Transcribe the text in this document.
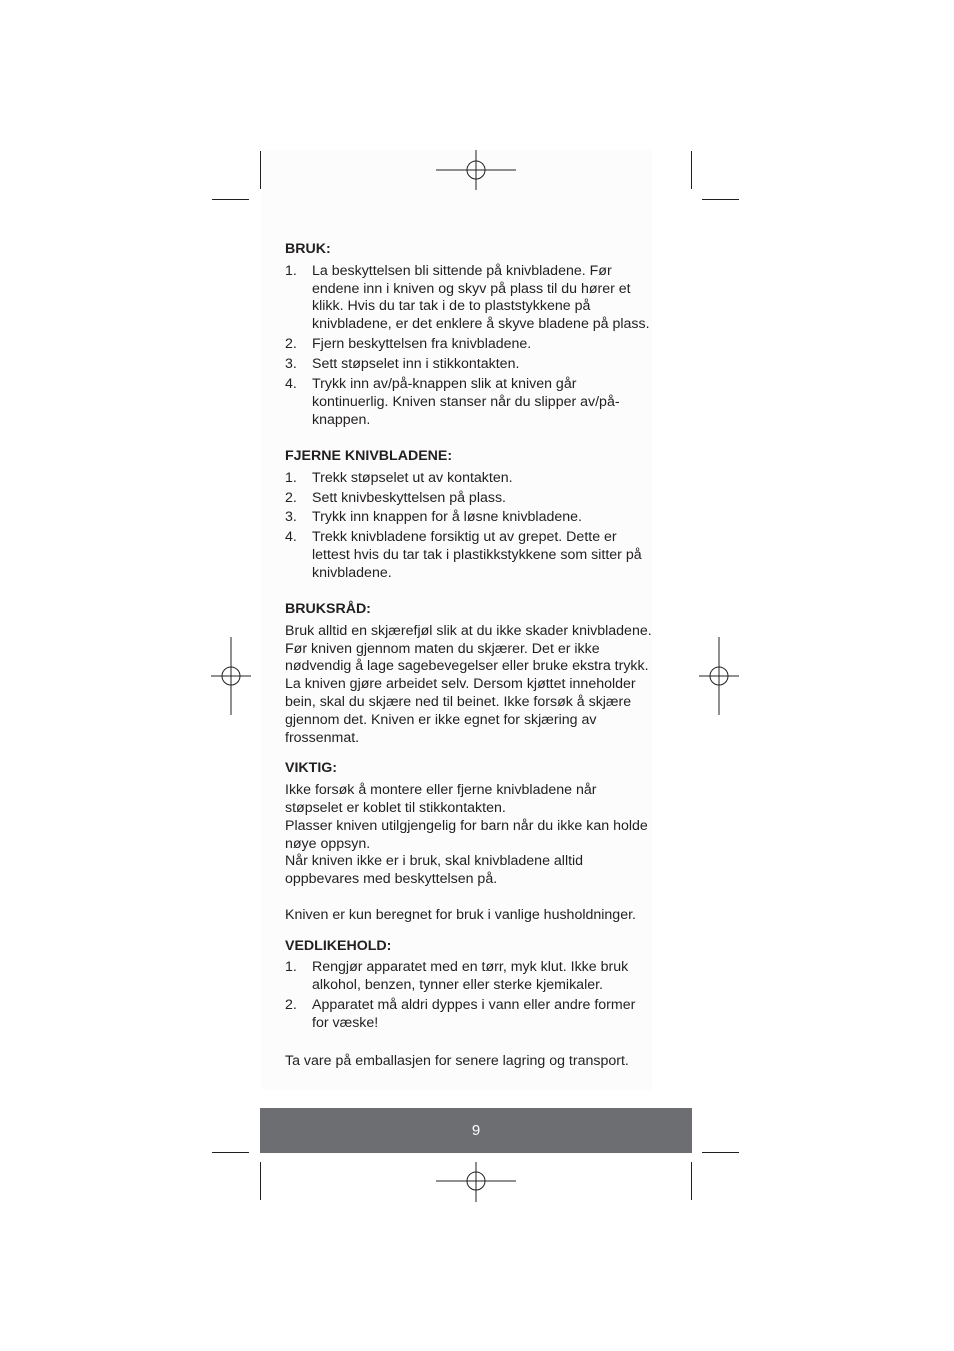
BRUK:
1. La beskyttelsen bli sittende på knivbladene. Før endene inn i kniven og skyv på plass til du hører et klikk. Hvis du tar tak i de to plaststykkene på knivbladene, er det enklere å skyve bladene på plass.
2. Fjern beskyttelsen fra knivbladene.
3. Sett støpselet inn i stikkontakten.
4. Trykk inn av/på-knappen slik at kniven går kontinuerlig. Kniven stanser når du slipper av/på-knappen.
FJERNE KNIVBLADENE:
1. Trekk støpselet ut av kontakten.
2. Sett knivbeskyttelsen på plass.
3. Trykk inn knappen for å løsne knivbladene.
4. Trekk knivbladene forsiktig ut av grepet. Dette er lettest hvis du tar tak i plastikkstykkene som sitter på knivbladene.
BRUKSRÅD:

Bruk alltid en skjærefjøl slik at du ikke skader knivbladene. Før kniven gjennom maten du skjærer. Det er ikke nødvendig å lage sagebevegelser eller bruke ekstra trykk. La kniven gjøre arbeidet selv. Dersom kjøttet inneholder bein, skal du skjære ned til beinet. Ikke forsøk å skjære gjennom det. Kniven er ikke egnet for skjæring av frossenmat.

VIKTIG:

Ikke forsøk å montere eller fjerne knivbladene når støpselet er koblet til stikkontakten.

Plasser kniven utilgjengelig for barn når du ikke kan holde nøye oppsyn.

Når kniven ikke er i bruk, skal knivbladene alltid oppbevares med beskyttelsen på.

Kniven er kun beregnet for bruk i vanlige husholdninger.

VEDLIKEHOLD:
1. Rengjør apparatet med en tørr, myk klut. Ikke bruk alkohol, benzen, tynner eller sterke kjemikaler.
2. Apparatet må aldri dyppes i vann eller andre former for væske!

Ta vare på emballasjen for senere lagring og transport.

9
